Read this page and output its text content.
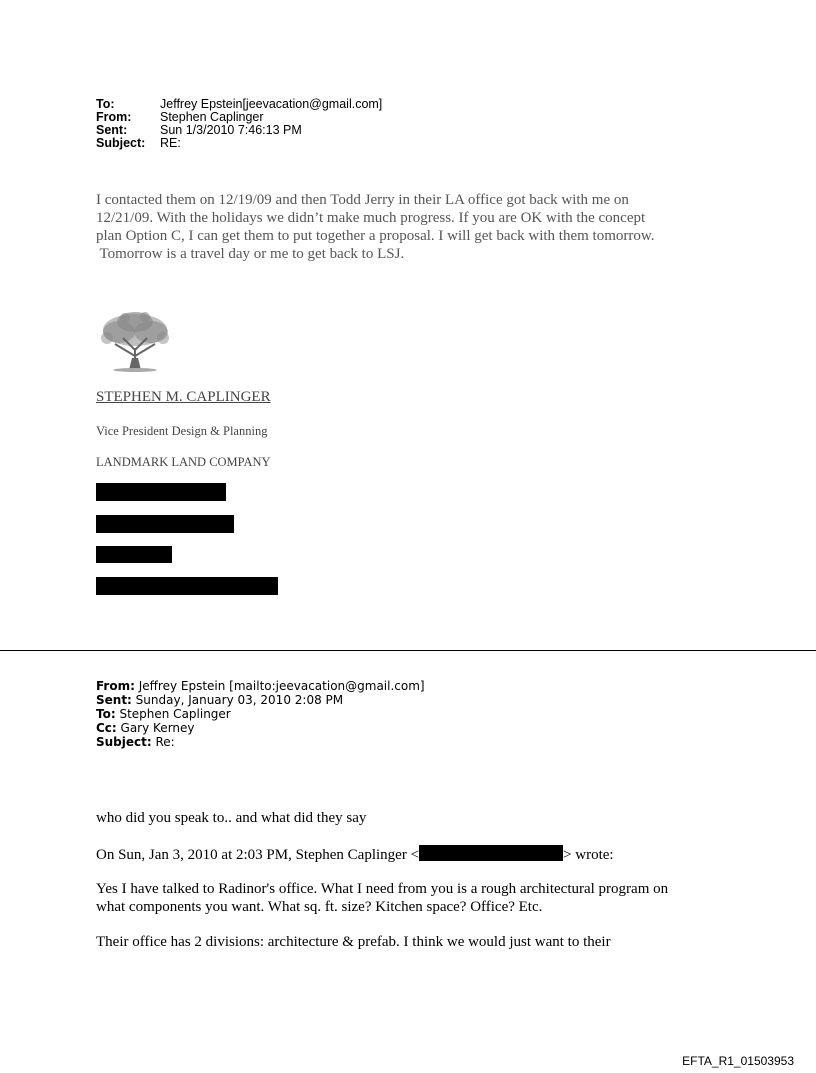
To:	Jeffrey Epstein[jeevacation@gmail.com]
From:	Stephen Caplinger
Sent:	Sun 1/3/2010 7:46:13 PM
Subject:	RE:
I contacted them on 12/19/09 and then Todd Jerry in their LA office got back with me on
12/21/09. With the holidays we didn’t make much progress. If you are OK with the concept
plan Option C, I can get them to put together a proposal. I will get back with them tomorrow.
Tomorrow is a travel day or me to get back to LSJ.
STEPHEN M. CAPLINGER
Vice President Design & Planning
LANDMARK LAND COMPANY
From: Jeffrey Epstein [mailto:jeevacation@gmail.com]
Sent: Sunday, January 03, 2010 2:08 PM
To: Stephen Caplinger
Cc: Gary Kerney
Subject: Re:
who did you speak to.. and what did they say
On Sun, Jan 3, 2010 at 2:03 PM, Stephen Caplinger <	> wrote:
Yes I have talked to Radinor's office. What I need from you is a rough architectural program on
what components you want. What sq. ft. size? Kitchen space? Office? Etc.
Their office has 2 divisions: architecture & prefab. I think we would just want to their
EFTA_R1_01503953
